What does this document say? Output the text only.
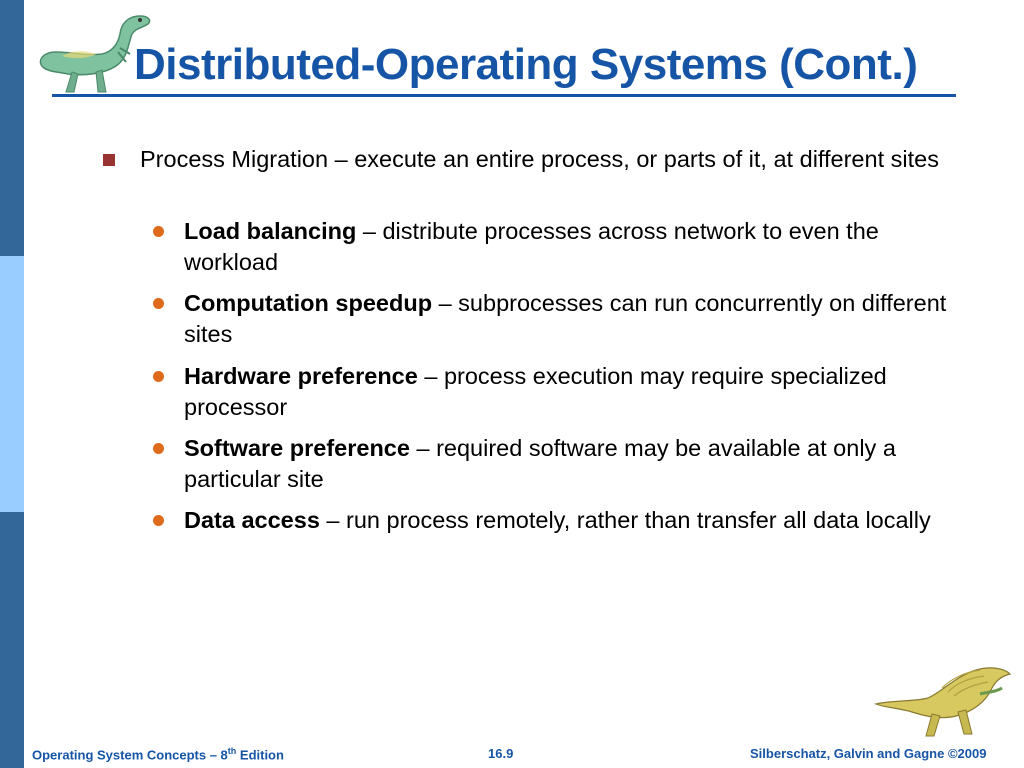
Distributed-Operating Systems (Cont.)
Process Migration – execute an entire process, or parts of it, at different sites
Load balancing – distribute processes across network to even the workload
Computation speedup – subprocesses can run concurrently on different sites
Hardware preference – process execution may require specialized processor
Software preference – required software may be available at only a particular site
Data access – run process remotely, rather than transfer all data locally
Operating System Concepts – 8th Edition	16.9	Silberschatz, Galvin and Gagne ©2009
